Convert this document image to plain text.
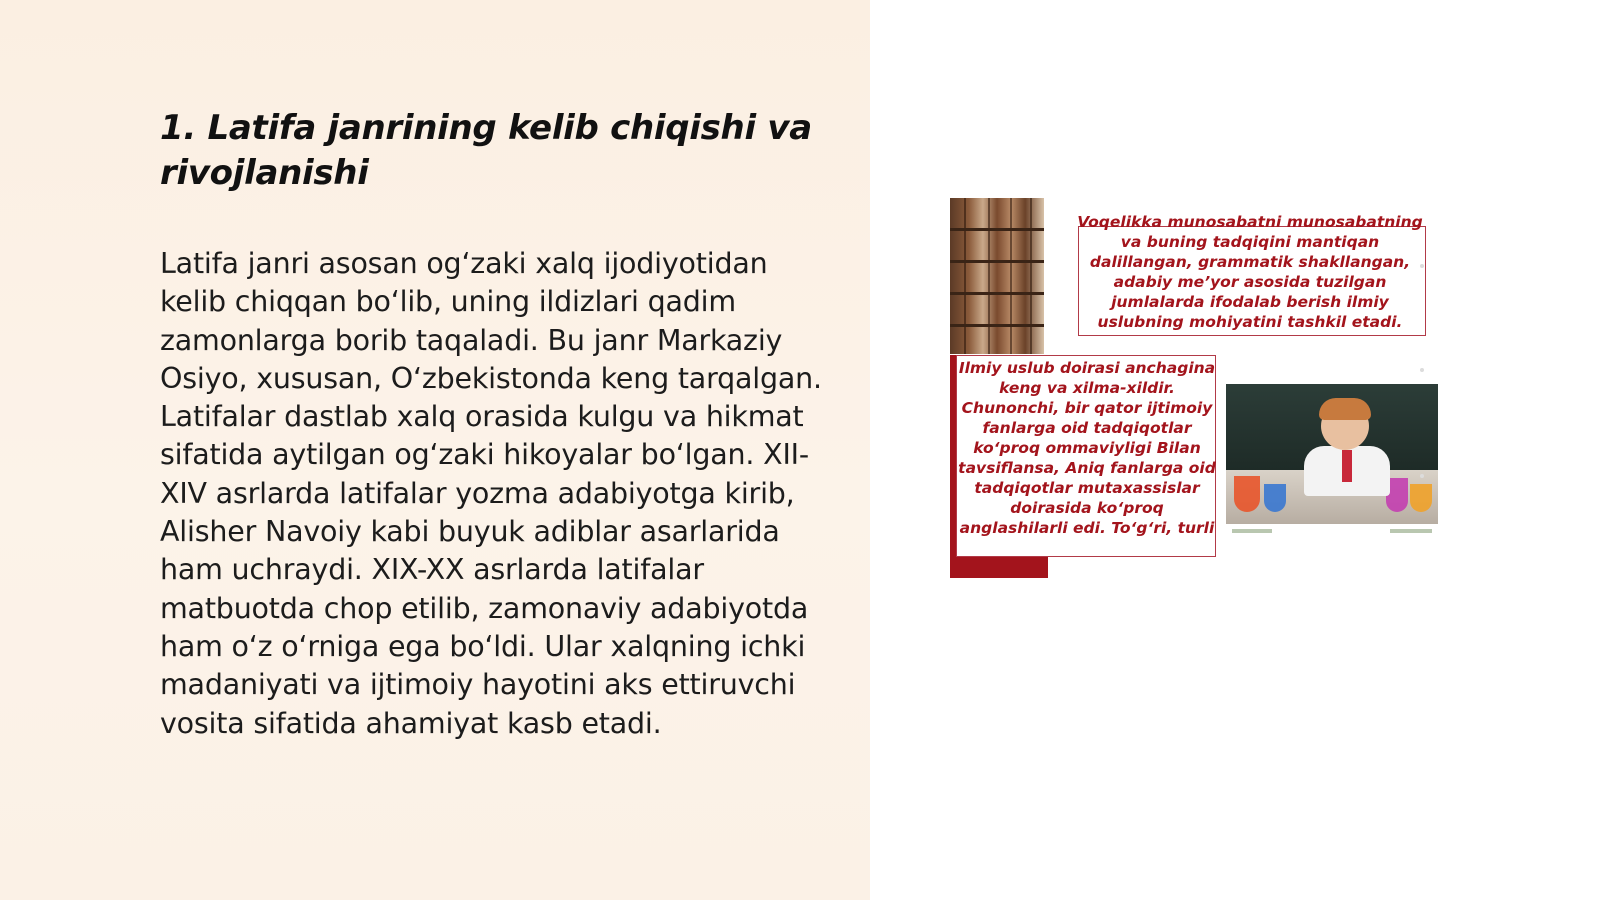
1. Latifa janrining kelib chiqishi va rivojlanishi

Latifa janri asosan og‘zaki xalq ijodiyotidan kelib chiqqan bo‘lib, uning ildizlari qadim zamonlarga borib taqaladi. Bu janr Markaziy Osiyo, xususan, O‘zbekistonda keng tarqalgan. Latifalar dastlab xalq orasida kulgu va hikmat sifatida aytilgan og‘zaki hikoyalar bo‘lgan. XII-XIV asrlarda latifalar yozma adabiyotga kirib, Alisher Navoiy kabi buyuk adiblar asarlarida ham uchraydi. XIX-XX asrlarda latifalar matbuotda chop etilib, zamonaviy adabiyotda ham o‘z o‘rniga ega bo‘ldi. Ular xalqning ichki madaniyati va ijtimoiy hayotini aks ettiruvchi vosita sifatida ahamiyat kasb etadi.

Voqelikka munosabatni munosabatning va buning tadqiqini mantiqan dalillangan, grammatik shakllangan, adabiy me’yor asosida tuzilgan jumlalarda ifodalab berish ilmiy uslubning mohiyatini tashkil etadi.

Ilmiy uslub doirasi anchagina keng va xilma-xildir. Chunonchi, bir qator ijtimoiy fanlarga oid tadqiqotlar ko‘proq ommaviyligi Bilan tavsiflansa, Aniq fanlarga oid tadqiqotlar mutaxassislar doirasida ko‘proq anglashilarli edi. To‘g‘ri, turli
